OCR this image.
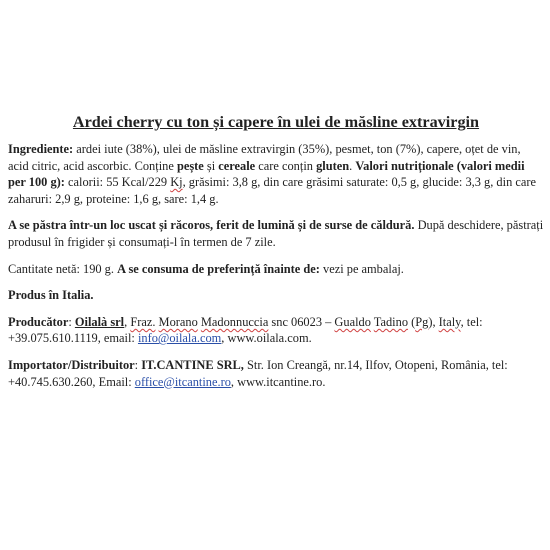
Ardei cherry cu ton și capere în ulei de măsline extravirgin

Ingrediente: ardei iute (38%), ulei de măsline extravirgin (35%), pesmet, ton (7%), capere, oțet de vin, acid citric, acid ascorbic. Conține pește și cereale care conțin gluten. Valori nutriționale (valori medii per 100 g): calorii: 55 Kcal/229 Kj, grăsimi: 3,8 g, din care grăsimi saturate: 0,5 g, glucide: 3,3 g, din care zaharuri: 2,9 g, proteine: 1,6 g, sare: 1,4 g.

A se păstra într-un loc uscat și răcoros, ferit de lumină și de surse de căldură. După deschidere, păstrați produsul în frigider și consumați-l în termen de 7 zile.

Cantitate netă: 190 g. A se consuma de preferință înainte de: vezi pe ambalaj.

Produs în Italia.

Producător: Oilalà srl, Fraz. Morano Madonnuccia snc 06023 – Gualdo Tadino (Pg), Italy, tel: +39.075.610.1119, email: info@oilala.com, www.oilala.com.

Importator/Distribuitor: IT.CANTINE SRL, Str. Ion Creangă, nr.14, Ilfov, Otopeni, România, tel: +40.745.630.260, Email: office@itcantine.ro, www.itcantine.ro.
